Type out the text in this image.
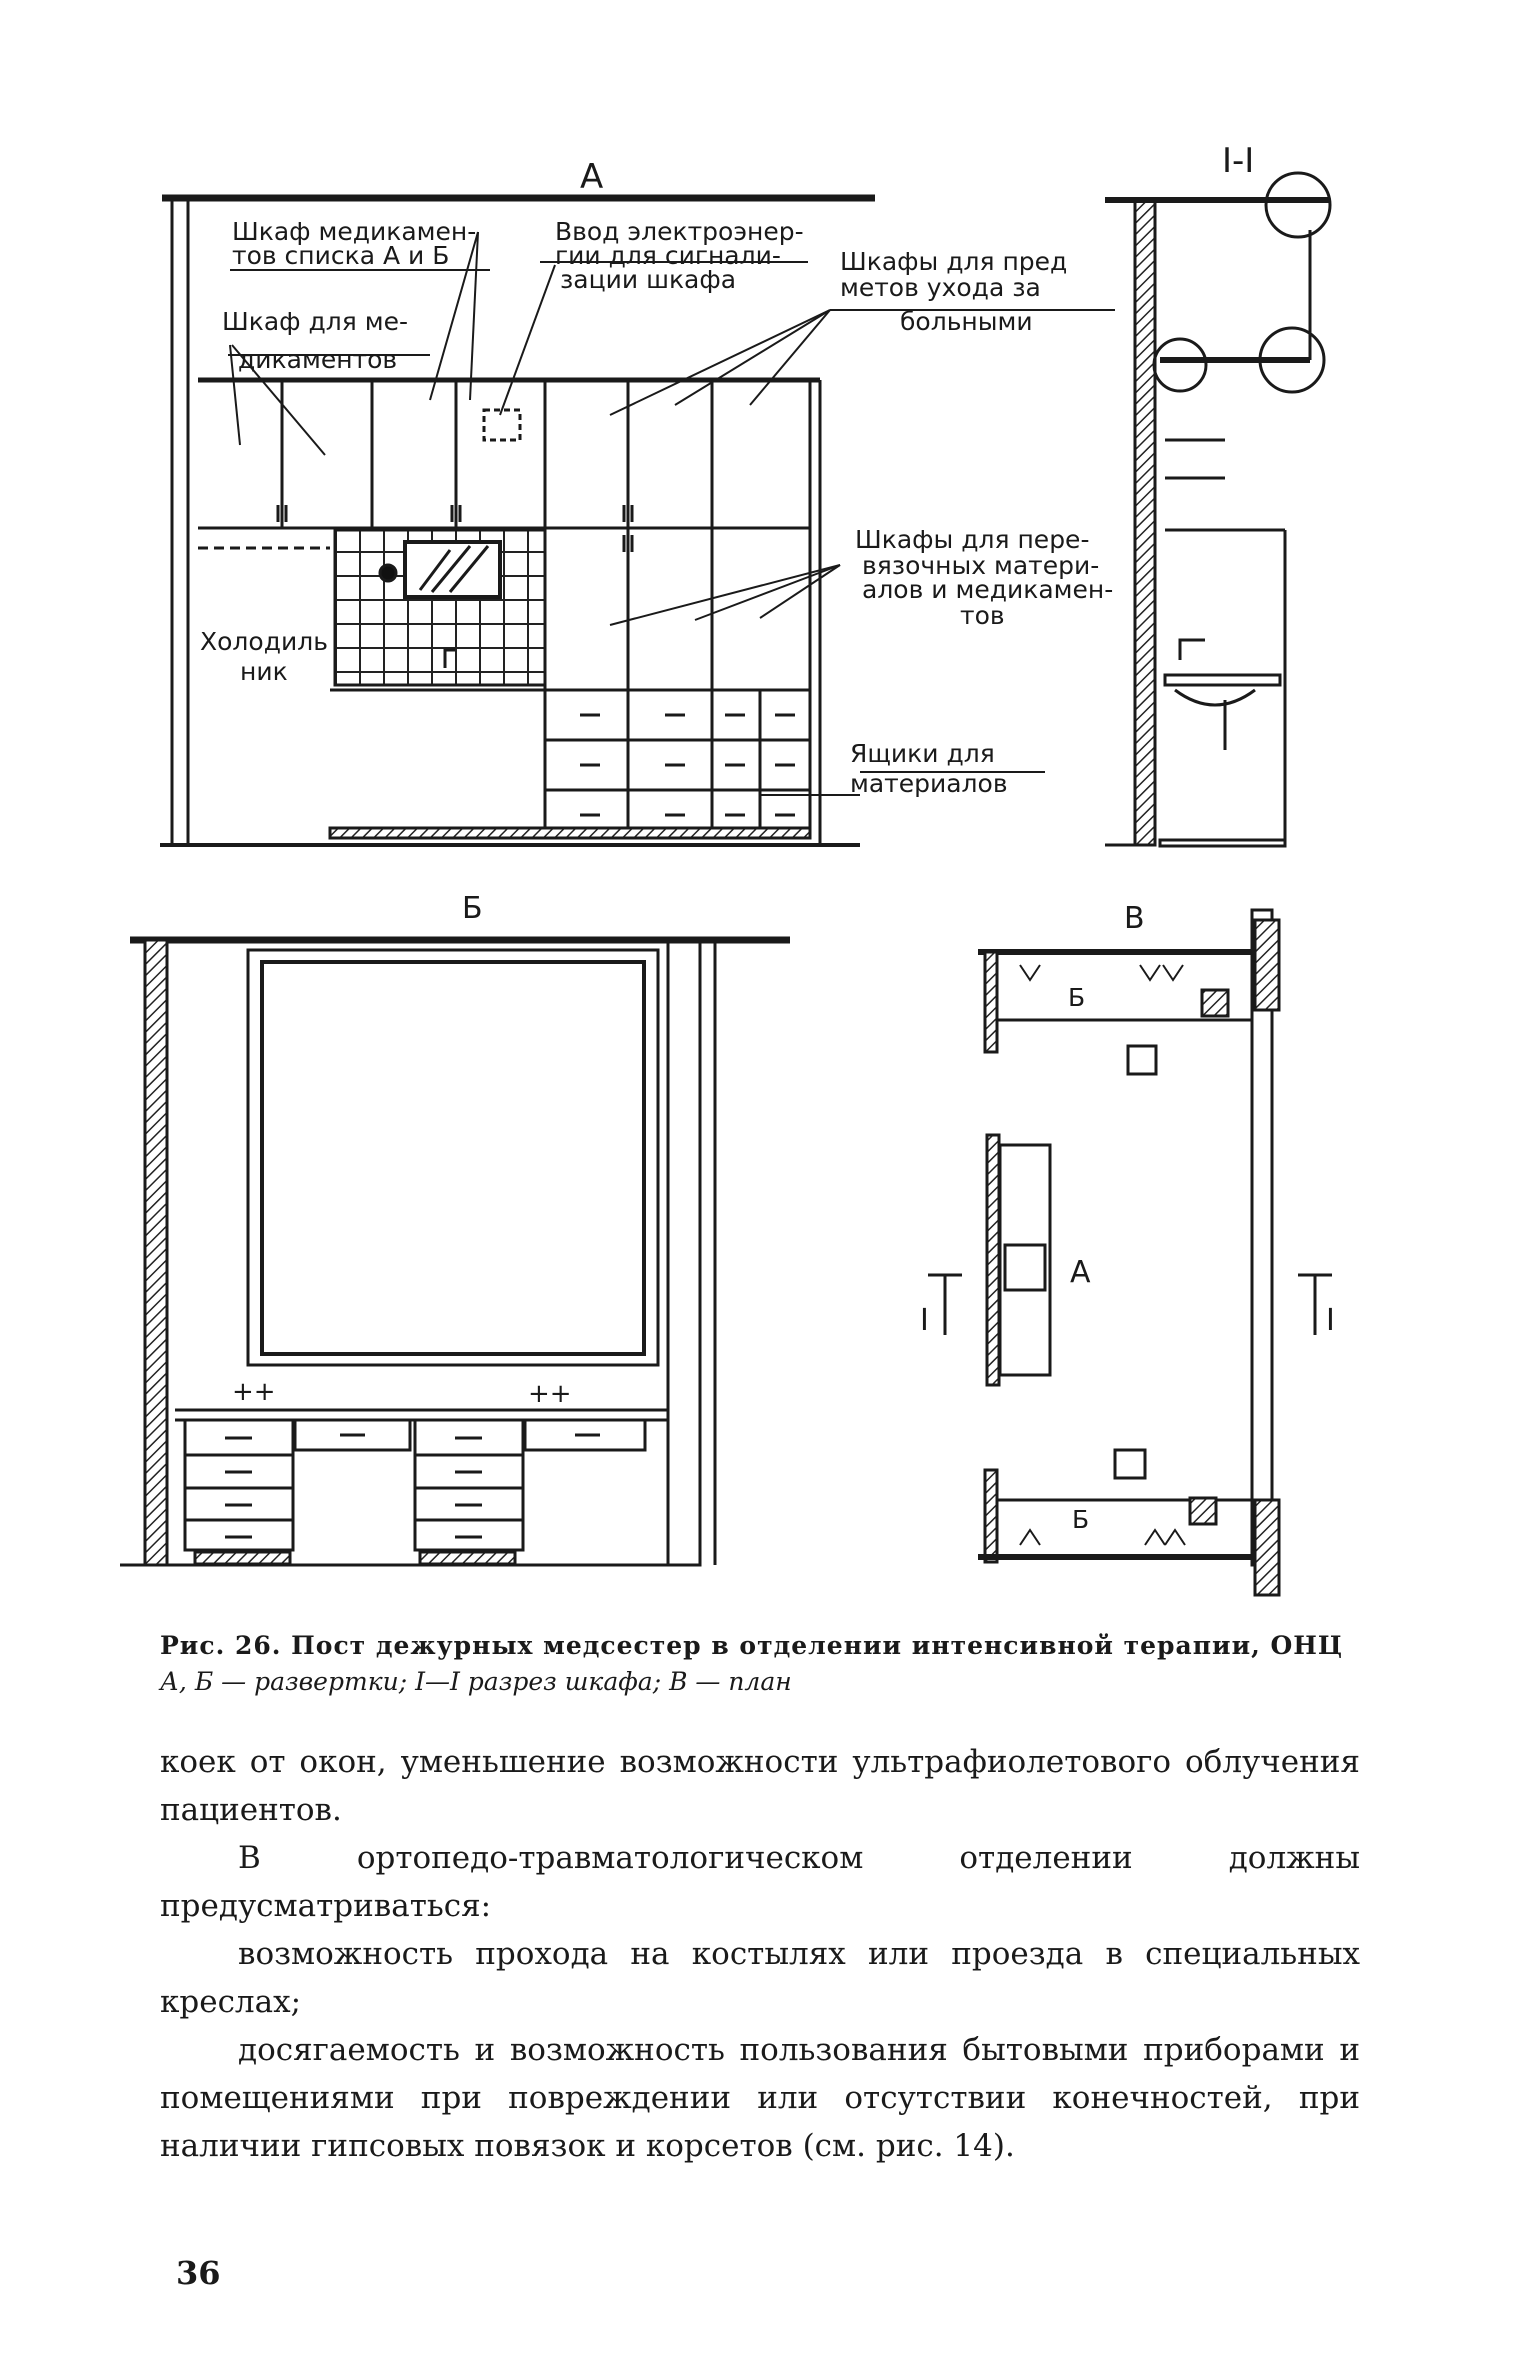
++	++
А
Шкаф медикамен-
тов списка А и Б
Ввод электроэнер-
гии для сигнали-
зации шкафа
Шкафы для пред
метов ухода за
больными
Шкаф для ме-
дикаментов
Шкафы для пере-
вязочных матери-
алов и медикамен-
тов
Холодиль
ник
Ящики для
материалов
I-I
Б	В
Б
Б
А
I	I
Рис. 26. Пост дежурных медсестер в отделении интенсивной терапии, ОНЦ
А, Б — развертки; I—I разрез шкафа; В — план

коек от окон, уменьшение возможности ультрафиолетового облучения пациентов.

В ортопедо-травматологическом отделении должны предусматриваться:

возможность прохода на костылях или проезда в специальных креслах;

досягаемость и возможность пользования бытовыми приборами и помещениями при повреждении или отсутствии конечностей, при наличии гипсовых повязок и корсетов (см. рис. 14).

36
